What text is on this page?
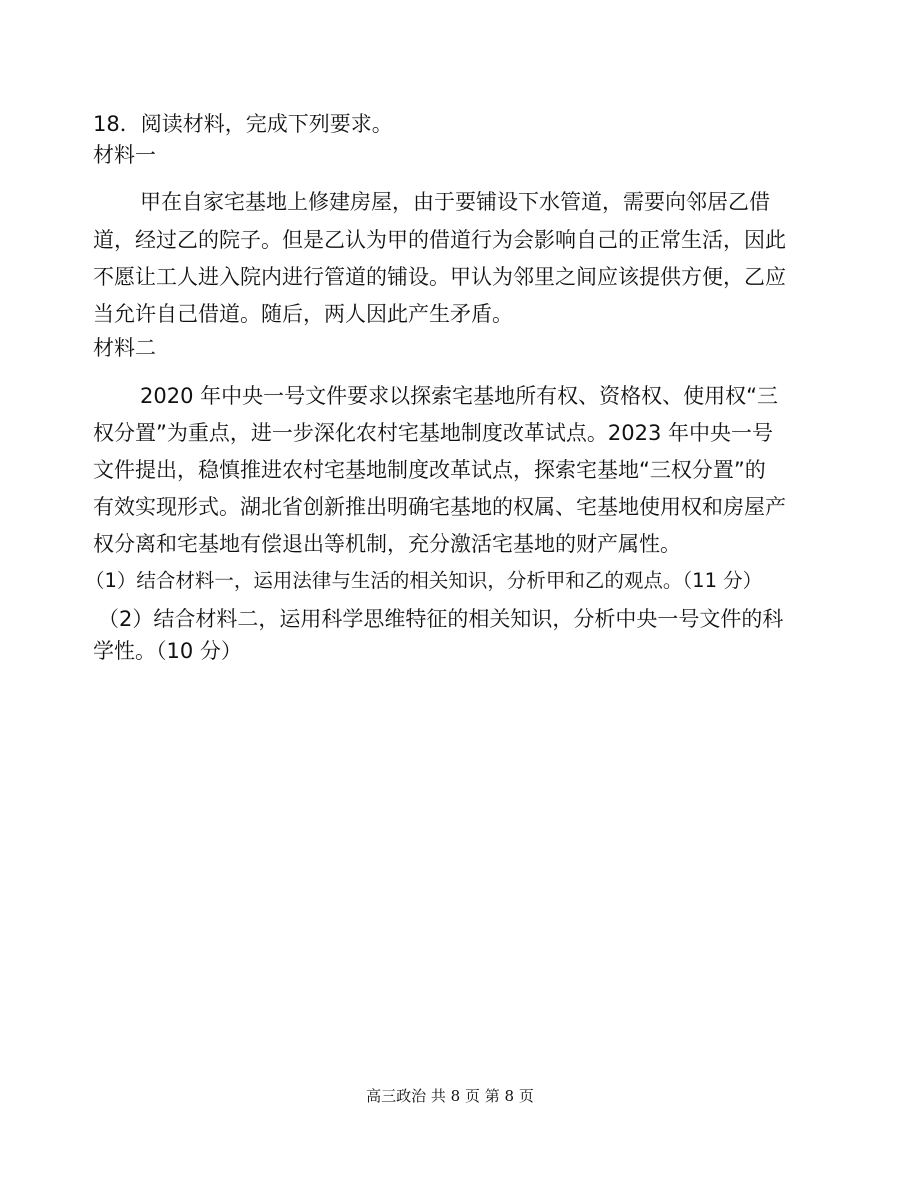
18．阅读材料，完成下列要求。
材料一
甲在自家宅基地上修建房屋，由于要铺设下水管道，需要向邻居乙借
道，经过乙的院子。但是乙认为甲的借道行为会影响自己的正常生活，因此
不愿让工人进入院内进行管道的铺设。甲认为邻里之间应该提供方便，乙应
当允许自己借道。随后，两人因此产生矛盾。
材料二
2020 年中央一号文件要求以探索宅基地所有权、资格权、使用权“三
权分置”为重点，进一步深化农村宅基地制度改革试点。2023 年中央一号
文件提出，稳慎推进农村宅基地制度改革试点，探索宅基地“三权分置”的
有效实现形式。湖北省创新推出明确宅基地的权属、宅基地使用权和房屋产
权分离和宅基地有偿退出等机制，充分激活宅基地的财产属性。
（1）结合材料一，运用法律与生活的相关知识，分析甲和乙的观点。（11 分）
（2）结合材料二，运用科学思维特征的相关知识，分析中央一号文件的科
学性。（10 分）
高三政治 共 8 页 第 8 页
